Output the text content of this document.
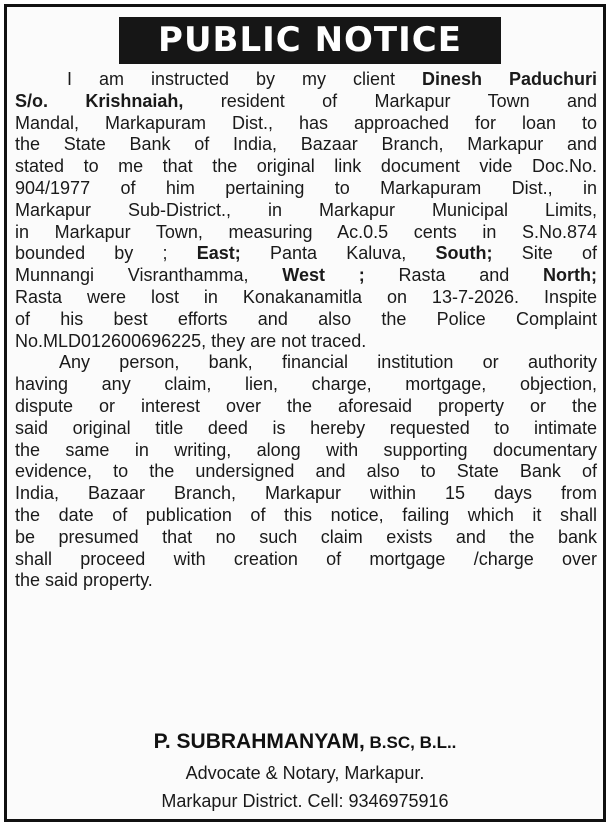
PUBLIC NOTICE
I am instructed by my client Dinesh Paduchuri
S/o. Krishnaiah, resident of Markapur Town and
Mandal, Markapuram Dist., has approached for loan to
the State Bank of India, Bazaar Branch, Markapur and
stated to me that the original link document vide Doc.No.
904/1977 of him pertaining to Markapuram Dist., in
Markapur Sub-District., in Markapur Municipal Limits,
in Markapur Town, measuring Ac.0.5 cents in S.No.874
bounded by ; East; Panta Kaluva, South; Site of
Munnangi Visranthamma, West ; Rasta and North;
Rasta were lost in Konakanamitla on 13-7-2026. Inspite
of his best efforts and also the Police Complaint
No.MLD012600696225, they are not traced.
Any person, bank, financial institution or authority
having any claim, lien, charge, mortgage, objection,
dispute or interest over the aforesaid property or the
said original title deed is hereby requested to intimate
the same in writing, along with supporting documentary
evidence, to the undersigned and also to State Bank of
India, Bazaar Branch, Markapur within 15 days from
the date of publication of this notice, failing which it shall
be presumed that no such claim exists and the bank
shall proceed with creation of mortgage /charge over
the said property.
P. SUBRAHMANYAM, B.SC, B.L..
Advocate & Notary, Markapur.
Markapur District. Cell: 9346975916
